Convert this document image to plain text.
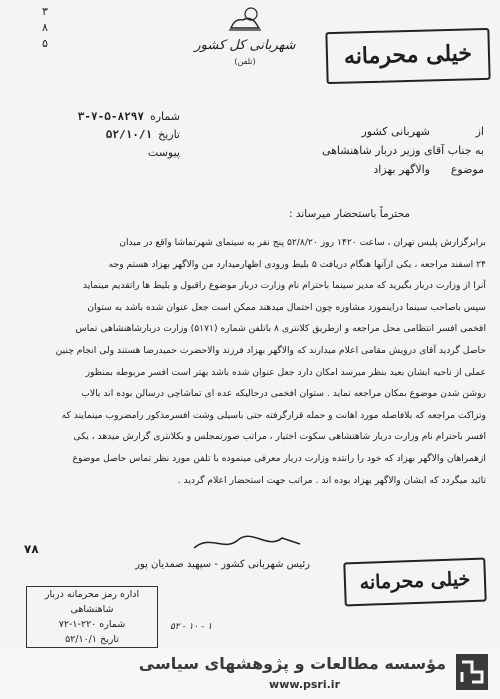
۳ ۸ ۵	شهربانی کل کشور
(تلفن)	خیلی محرمانه
شماره
۳-۷-۵-۸۲۹۷
تاریخ
۵۲/۱۰/۱
پیوست
از
شهربانی کشور
به جناب آقای وزیر دربار شاهنشاهی
موضوع
والاگهر بهزاد
محترماً باستحضار میرساند :
برابرگزارش پلیس تهران ، ساعت ۱۴۲۰ روز ۵۲/۸/۲۰ پنج نفر به سینمای شهرتماشا واقع در میدان
۲۴ اسفند مراجعه ، یکی ازآنها هنگام دریافت ۵ بلیط ورودی اظهارمیدارد من والاگهر بهزاد هستم وجه
آنرا از وزارت دربار بگیرید که مدیر سینما باحترام نام وزارت دربار موضوع راقبول و بلیط ها راتقدیم مینماید
سپس باصاحب سینما دراینمورد مشاوره چون احتمال میدهند ممکن است جعل عنوان شده باشد به ستوان
افخمی افسر انتظامی محل مراجعه و ازطریق کلانتری ۸ باتلفن شماره (۵۱۷۱) وزارت دربارشاهنشاهی تماس
حاصل گردید آقای درویش مقامی اعلام میدارند که والاگهر بهزاد فرزند والاحضرت حمیدرضا هستند ولی انجام چنین
عملی از ناحیه ایشان بعید بنظر میرسد امکان دارد جعل عنوان شده باشد بهتر است افسر مربوطه بمنظور
روشن شدن موضوع بمکان مراجعه نماید . ستوان افخمی درحالیکه عده ای تماشاچی درسالن بوده اند بالاب
وتزاکت مراجعه که بلافاصله مورد اهانت و حمله قرارگرفته حتی باسیلی وشت افسرمذکور رامضروب مینمایند که
افسر باحترام نام وزارت دربار شاهنشاهی سکوت اختیار ، مراتب صورتمجلس و بکلانتری گزارش میدهد ، یکی
ازهمراهان والاگهر بهزاد که خود را رانتده وزارت دربار معرفی مینموده با تلفن مورد نظر تماس حاصل موضوع
تائید میگردد که ایشان والاگهر بهزاد بوده اند . مراتب جهت استحضار اعلام گردید .
رئیس شهربانی کشور - سپهبد صمدیان پور
۷۸
خیلی محرمانه
اداره رمز محرمانه دربار شاهنشاهی
شماره ۲۲۰-۱-۷۲
تاریخ ۵۲/۱۰/۱
۵۲ - ۱۰ - ۱
مؤسسه مطالعات و پژوهشهای سیاسی
www.psri.ir
